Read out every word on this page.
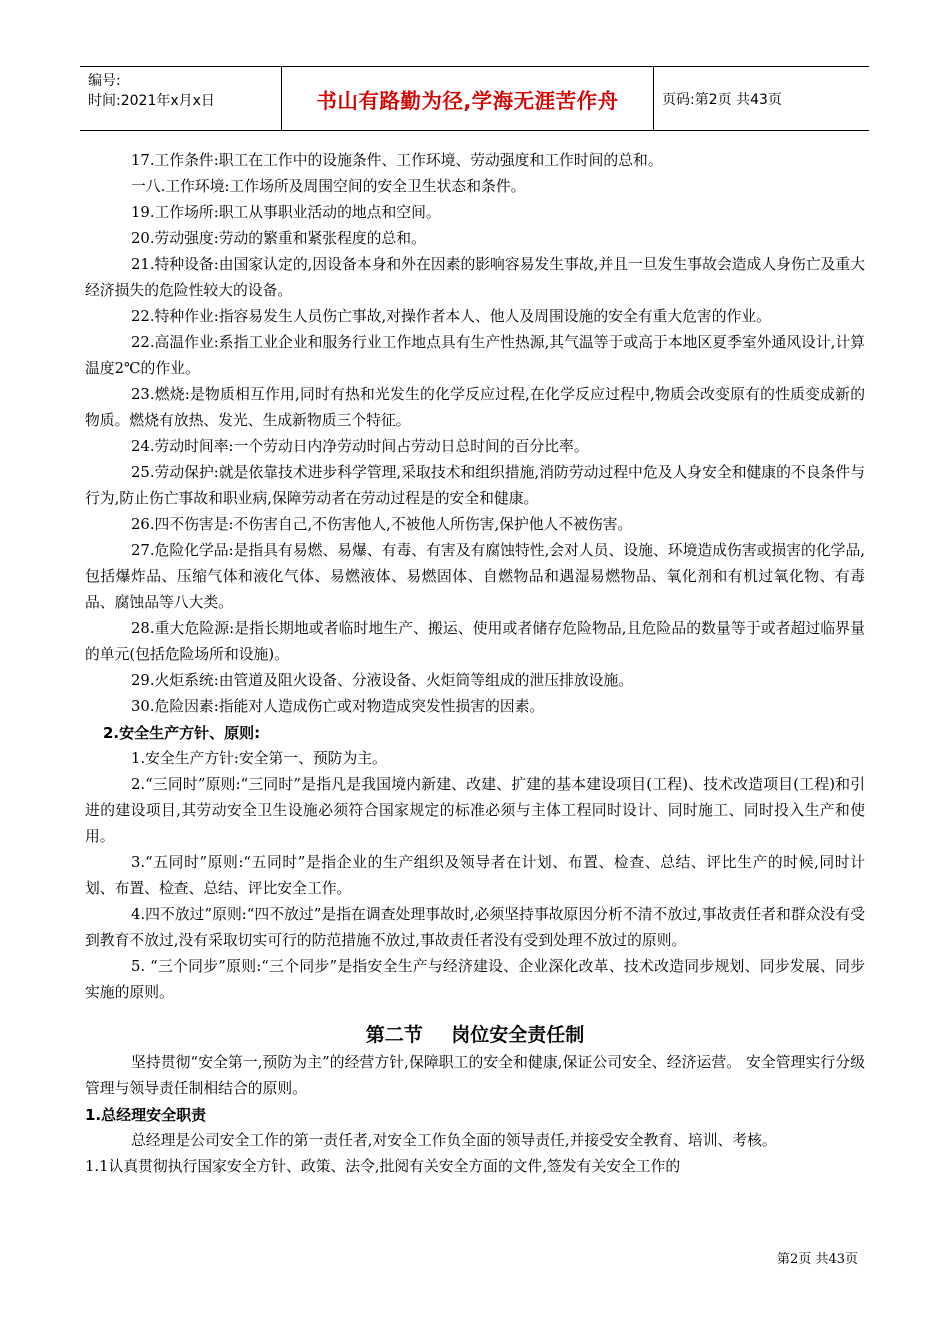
编号:
时间:2021年x月x日	书山有路勤为径,学海无涯苦作舟	页码:第2页 共43页

17.工作条件:职工在工作中的设施条件、工作环境、劳动强度和工作时间的总和。

一八.工作环境:工作场所及周围空间的安全卫生状态和条件。

19.工作场所:职工从事职业活动的地点和空间。

20.劳动强度:劳动的繁重和紧张程度的总和。

21.特种设备:由国家认定的,因设备本身和外在因素的影响容易发生事故,并且一旦发生事故会造成人身伤亡及重大经济损失的危险性较大的设备。

22.特种作业:指容易发生人员伤亡事故,对操作者本人、他人及周围设施的安全有重大危害的作业。

22.高温作业:系指工业企业和服务行业工作地点具有生产性热源,其气温等于或高于本地区夏季室外通风设计,计算温度2℃的作业。

23.燃烧:是物质相互作用,同时有热和光发生的化学反应过程,在化学反应过程中,物质会改变原有的性质变成新的物质。燃烧有放热、发光、生成新物质三个特征。

24.劳动时间率:一个劳动日内净劳动时间占劳动日总时间的百分比率。

25.劳动保护:就是依靠技术进步科学管理,采取技术和组织措施,消防劳动过程中危及人身安全和健康的不良条件与行为,防止伤亡事故和职业病,保障劳动者在劳动过程是的安全和健康。

26.四不伤害是:不伤害自己,不伤害他人,不被他人所伤害,保护他人不被伤害。

27.危险化学品:是指具有易燃、易爆、有毒、有害及有腐蚀特性,会对人员、设施、环境造成伤害或损害的化学品,包括爆炸品、压缩气体和液化气体、易燃液体、易燃固体、自燃物品和遇湿易燃物品、氧化剂和有机过氧化物、有毒品、腐蚀品等八大类。

28.重大危险源:是指长期地或者临时地生产、搬运、使用或者储存危险物品,且危险品的数量等于或者超过临界量的单元(包括危险场所和设施)。

29.火炬系统:由管道及阻火设备、分液设备、火炬筒等组成的泄压排放设施。

30.危险因素:指能对人造成伤亡或对物造成突发性损害的因素。

2.安全生产方针、原则:

1.安全生产方针:安全第一、预防为主。

2.“三同时”原则:“三同时”是指凡是我国境内新建、改建、扩建的基本建设项目(工程)、技术改造项目(工程)和引进的建设项目,其劳动安全卫生设施必须符合国家规定的标准必须与主体工程同时设计、同时施工、同时投入生产和使用。

3.“五同时”原则:“五同时”是指企业的生产组织及领导者在计划、布置、检查、总结、评比生产的时候,同时计划、布置、检查、总结、评比安全工作。

4.四不放过”原则:“四不放过”是指在调查处理事故时,必须坚持事故原因分析不清不放过,事故责任者和群众没有受到教育不放过,没有采取切实可行的防范措施不放过,事故责任者没有受到处理不放过的原则。

5. “三个同步”原则:“三个同步”是指安全生产与经济建设、企业深化改革、技术改造同步规划、同步发展、同步实施的原则。

第二节 岗位安全责任制

坚持贯彻“安全第一,预防为主”的经营方针,保障职工的安全和健康,保证公司安全、经济运营。 安全管理实行分级管理与领导责任制相结合的原则。

1.总经理安全职责

总经理是公司安全工作的第一责任者,对安全工作负全面的领导责任,并接受安全教育、培训、考核。

1.1认真贯彻执行国家安全方针、政策、法令,批阅有关安全方面的文件,签发有关安全工作的

第2页 共43页
